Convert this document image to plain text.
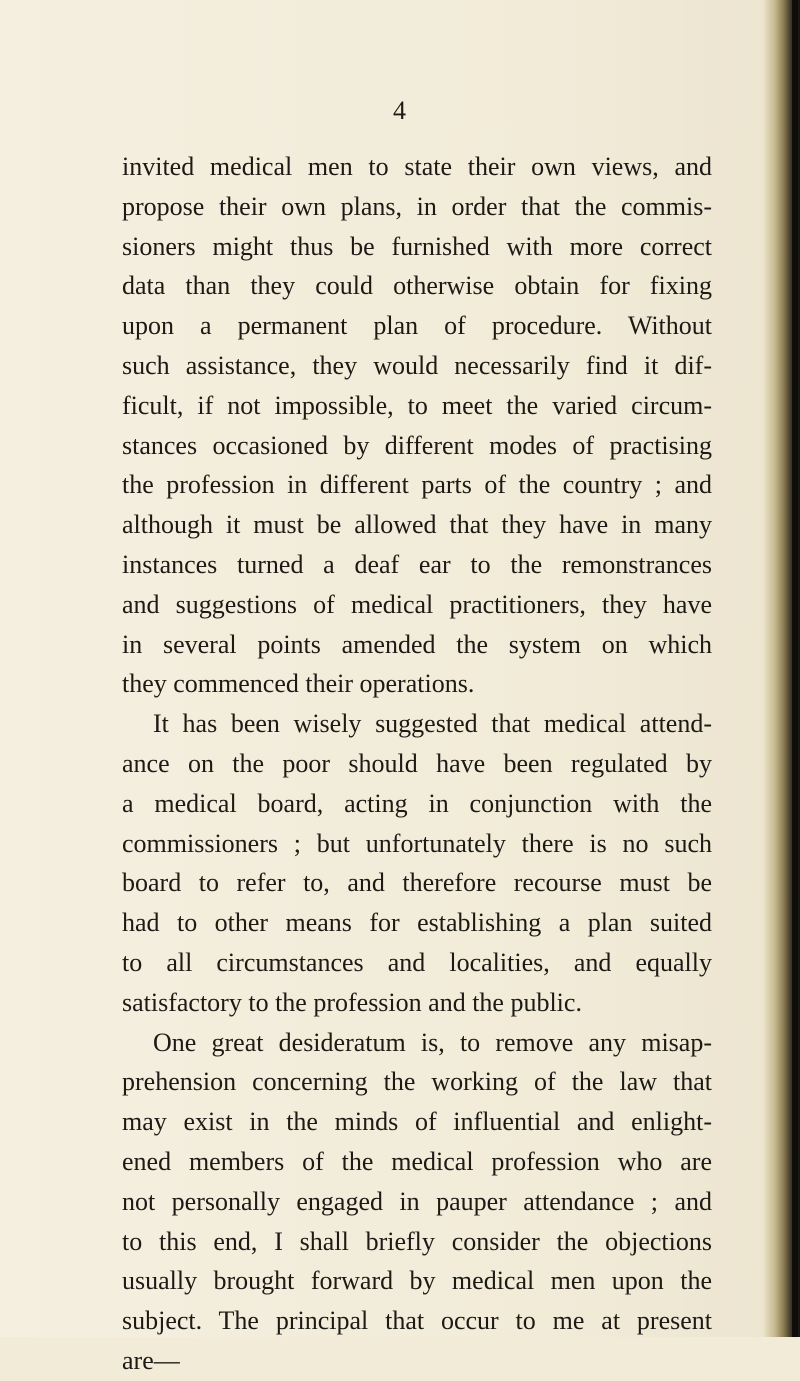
4
invited medical men to state their own views, and
propose their own plans, in order that the commis-
sioners might thus be furnished with more correct
data than they could otherwise obtain for fixing
upon a permanent plan of procedure. Without
such assistance, they would necessarily find it dif-
ficult, if not impossible, to meet the varied circum-
stances occasioned by different modes of practising
the profession in different parts of the country ; and
although it must be allowed that they have in many
instances turned a deaf ear to the remonstrances
and suggestions of medical practitioners, they have
in several points amended the system on which
they commenced their operations.
It has been wisely suggested that medical attend-
ance on the poor should have been regulated by
a medical board, acting in conjunction with the
commissioners ; but unfortunately there is no such
board to refer to, and therefore recourse must be
had to other means for establishing a plan suited
to all circumstances and localities, and equally
satisfactory to the profession and the public.
One great desideratum is, to remove any misap-
prehension concerning the working of the law that
may exist in the minds of influential and enlight-
ened members of the medical profession who are
not personally engaged in pauper attendance ; and
to this end, I shall briefly consider the objections
usually brought forward by medical men upon the
subject. The principal that occur to me at present
are—
